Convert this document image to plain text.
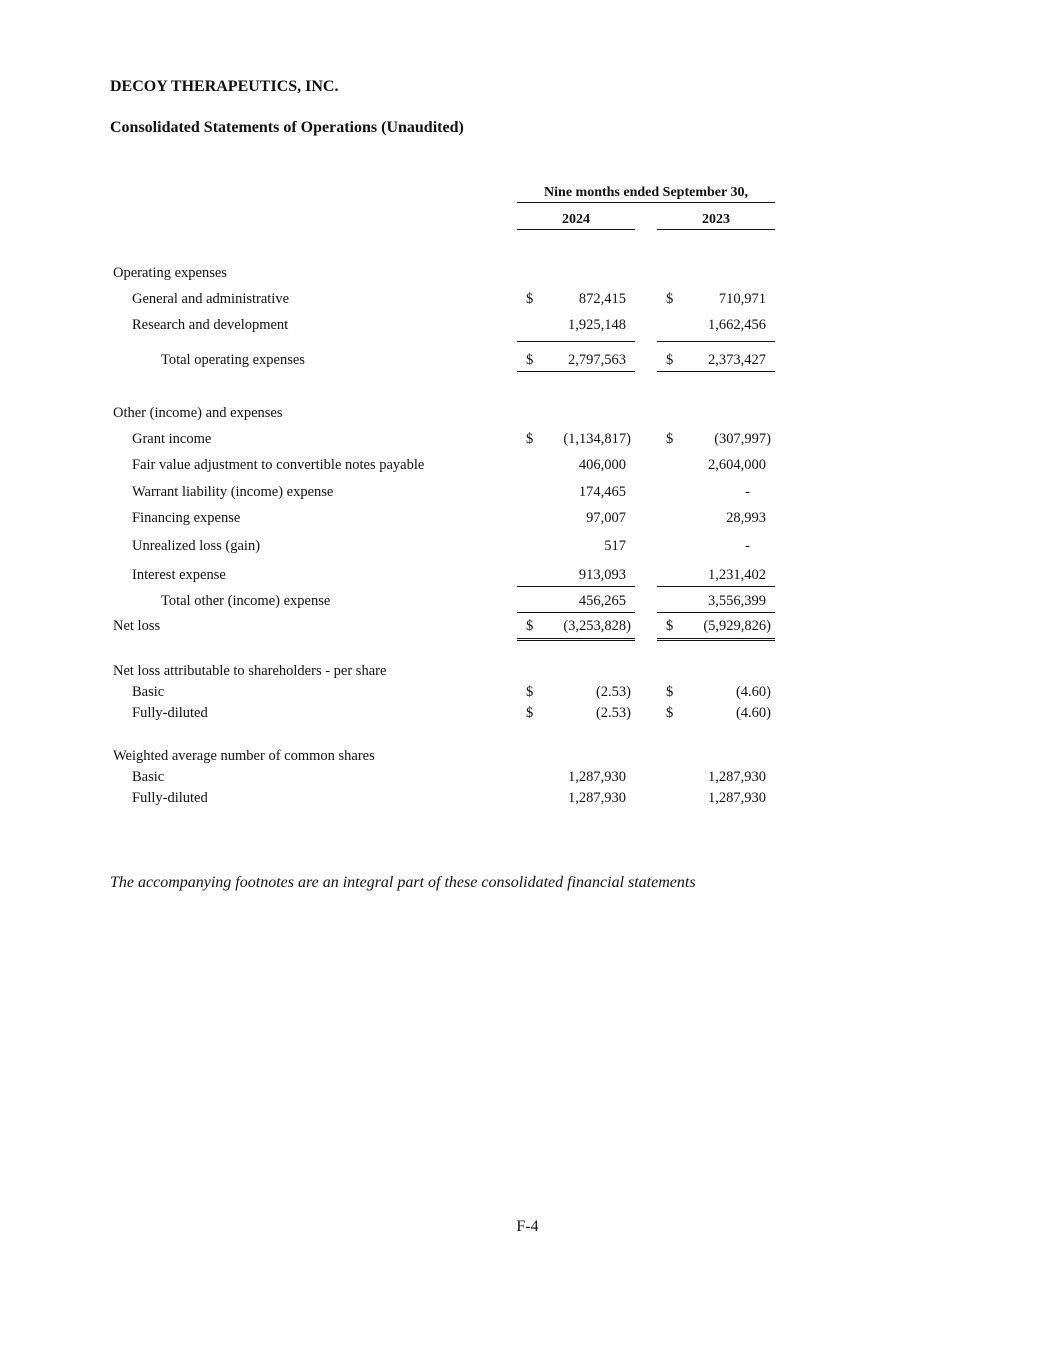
DECOY THERAPEUTICS, INC.
Consolidated Statements of Operations (Unaudited)
Nine months ended September 30,
2024	2023
Operating expenses
General and administrative	$	872,415	$	710,971
Research and development	1,925,148	1,662,456
Total operating expenses	$ 2,797,563	$ 2,373,427
Other (income) and expenses
Grant income	$ (1,134,817) $	(307,997)
Fair value adjustment to convertible notes payable	406,000	2,604,000
Warrant liability (income) expense	174,465	-
Financing expense	97,007	28,993
Unrealized loss (gain)	517	-
Interest expense	913,093	1,231,402
Total other (income) expense	456,265	3,556,399
Net loss	$ (3,253,828) $ (5,929,826)
Net loss attributable to shareholders - per share
Basic	$	(2.53) $	(4.60)
Fully-diluted	$	(2.53) $	(4.60)
Weighted average number of common shares
Basic	1,287,930	1,287,930
Fully-diluted	1,287,930	1,287,930
The accompanying footnotes are an integral part of these consolidated financial statements
F-4
